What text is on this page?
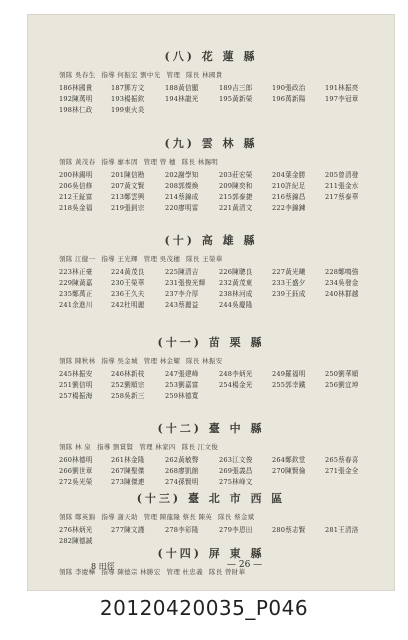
(八) 花 蓮 縣
領隊 吳春生 指導 何振宏 劉中光 管理 隊長 林國貴
186林國貴	187鄧方文	188黃信顯	189吉三郎	190張政治	191林振亮
192陳萬明	193楊振欽	194林龍光	195黃新榮	196萬新陽	197李冠章
198林仁政	199東火炎
(九) 雲 林 縣
領隊 黃茂春 指導 廖本固 管理 曾 穗 隊長 林錫明
200林錫明	201陳信勘	202謝學知	203莊宏榮	204葉金勝	205曾清發
206吳信修	207黃文賢	208郭燦煥	209陳奕和	210許紀足	211張金水
212王鉦富	213鄭雲興	214蔡錦成	215郭泰捷	216蔡錦昌	217蔡泰華
218吳金福	219張釗宗	220廖明雷	221黃清文	222李錦鍊
(十) 高 雄 縣
領隊 江健一 指導 王光輝 管理 吳茂穗 隊長 王榮華
223林正豪	224黃茂良	225陳清吉	226陳聰良	227黃光曦	228鄭鳴強
229陳黃嘉	230王榮華	231張俊光輝 232黃茂東	233王盛夕	234吳發金
235鄭萬正	236王久夫	237李介厚	238林河成	239王鈺成	240林群越
241余進川	242杜明麗	243蔡麗益	244吳慶隆
(十一) 苗 栗 縣
領隊 陳秋林 指導 吳金城 管理 林金耀 隊長 林振安
245林振安	246林新枝	247張建峰	248李炳光	249羅福明	250劉華順
251劉信明	252劉順宗	253劉嘉富	254楊金光	255郭幸鐵	256劉宜坤
257楊振海	258吳新三	259林德寬
(十二) 臺 中 縣
領隊 林 泉 指導 劉賞賢 管理 林家四 隊長 江文俊
260林德明	261林金隆	262黃敏聲	263江文俊	264鄭欽堂	265蔡春喜
266劉世章	267陳聖傑	268廖凱館	269張義昌	270陳賢倫	271張金全
272吳光榮	273陳傑連	274孫賢明	275林峰文
(十三) 臺 北 市 西 區
領隊 鄭英錦 指導 謝天助 管理 陳龍隆 蔡長 陳英 隊長 蔡金斌
276林炳光	277陳文謹	278李彩隆	279李恩田	280蔡志賢	281王清洛
282陳德誠
(十四) 屏 東 縣
領隊 李慶樺 指導 陳德宗 林勝宏 管理 杜忠義 隊長 曾財華
8 田徑	— 26 —
20120420035_P046
